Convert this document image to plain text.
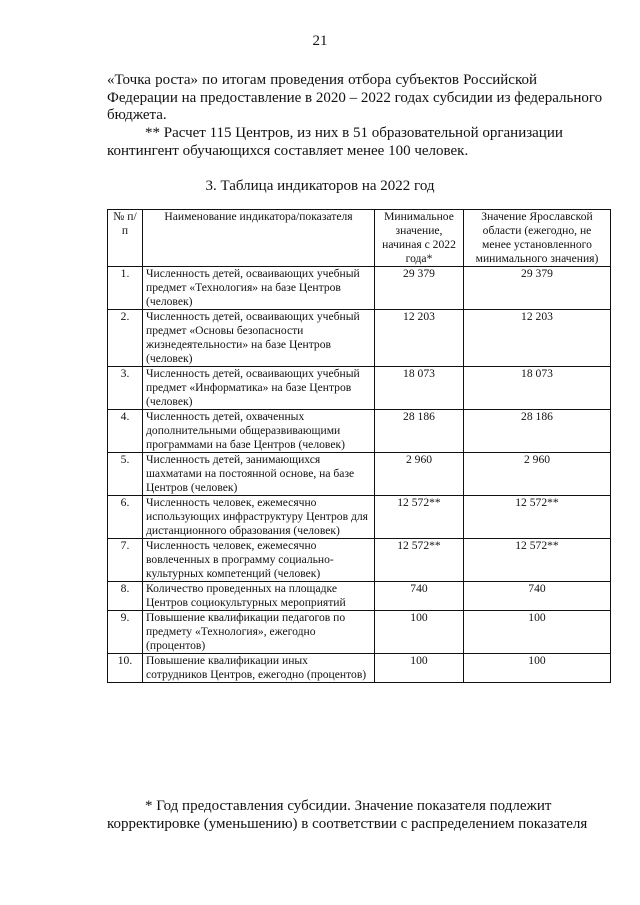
21

«Точка роста» по итогам проведения отбора субъектов Российской
Федерации на предоставление в 2020 – 2022 годах субсидии из федерального
бюджета.

** Расчет 115 Центров, из них в 51 образовательной организации
контингент обучающихся составляет менее 100 человек.

3. Таблица индикаторов на 2022 год
№ п/п	Наименование индикатора/показателя	Минимальное значение, начиная с 2022 года*	Значение Ярославской области (ежегодно, не менее установленного минимального значения)
1.	Численность детей, осваивающих учебный предмет «Технология» на базе Центров (человек)	29 379	29 379
2.	Численность детей, осваивающих учебный предмет «Основы безопасности жизнедеятельности» на базе Центров (человек)	12 203	12 203
3.	Численность детей, осваивающих учебный предмет «Информатика» на базе Центров (человек)	18 073	18 073
4.	Численность детей, охваченных дополнительными общеразвивающими программами на базе Центров (человек)	28 186	28 186
5.	Численность детей, занимающихся шахматами на постоянной основе, на базе Центров (человек)	2 960	2 960
6.	Численность человек, ежемесячно использующих инфраструктуру Центров для дистанционного образования (человек)	12 572**	12 572**
7.	Численность человек, ежемесячно вовлеченных в программу социально-культурных компетенций (человек)	12 572**	12 572**
8.	Количество проведенных на площадке Центров социокультурных мероприятий	740	740
9.	Повышение квалификации педагогов по предмету «Технология», ежегодно (процентов)	100	100
10.	Повышение квалификации иных сотрудников Центров, ежегодно (процентов)	100	100

* Год предоставления субсидии. Значение показателя подлежит
корректировке (уменьшению) в соответствии с распределением показателя
